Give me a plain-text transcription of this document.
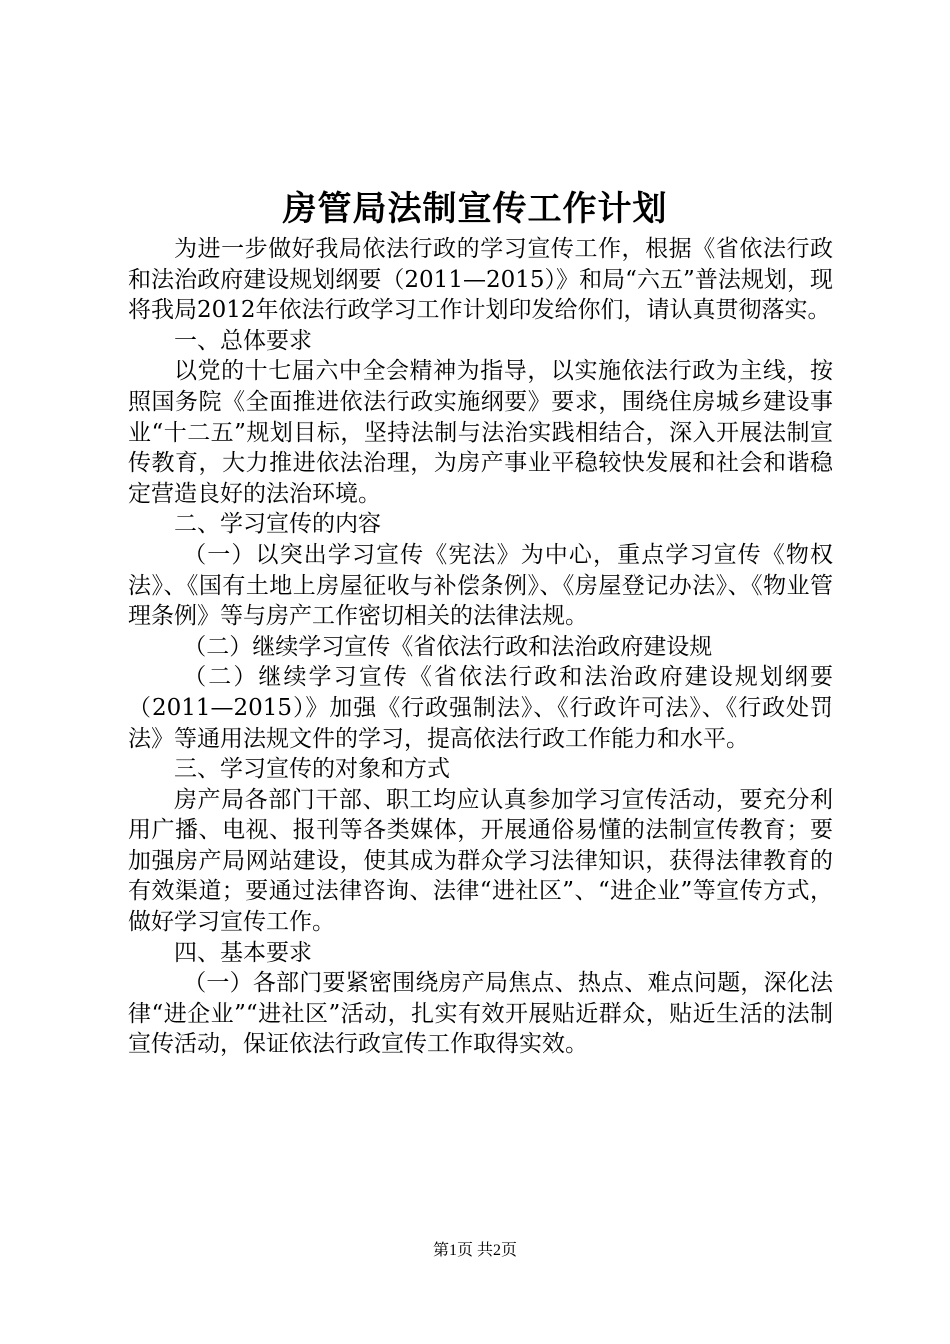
房管局法制宣传工作计划

为进一步做好我局依法行政的学习宣传工作，根据《省依法行政和法治政府建设规划纲要（2011—2015）》和局“六五”普法规划，现将我局2012年依法行政学习工作计划印发给你们，请认真贯彻落实。

一、总体要求

以党的十七届六中全会精神为指导，以实施依法行政为主线，按照国务院《全面推进依法行政实施纲要》要求，围绕住房城乡建设事业“十二五”规划目标，坚持法制与法治实践相结合，深入开展法制宣传教育，大力推进依法治理，为房产事业平稳较快发展和社会和谐稳定营造良好的法治环境。

二、学习宣传的内容

（一）以突出学习宣传《宪法》为中心，重点学习宣传《物权法》、《国有土地上房屋征收与补偿条例》、《房屋登记办法》、《物业管理条例》等与房产工作密切相关的法律法规。

（二）继续学习宣传《省依法行政和法治政府建设规

（二）继续学习宣传《省依法行政和法治政府建设规划纲要（2011—2015）》加强《行政强制法》、《行政许可法》、《行政处罚法》等通用法规文件的学习，提高依法行政工作能力和水平。

三、学习宣传的对象和方式

房产局各部门干部、职工均应认真参加学习宣传活动，要充分利用广播、电视、报刊等各类媒体，开展通俗易懂的法制宣传教育；要加强房产局网站建设，使其成为群众学习法律知识，获得法律教育的有效渠道；要通过法律咨询、法律“进社区”、“进企业”等宣传方式，做好学习宣传工作。

四、基本要求

（一）各部门要紧密围绕房产局焦点、热点、难点问题，深化法律“进企业”“进社区”活动，扎实有效开展贴近群众，贴近生活的法制宣传活动，保证依法行政宣传工作取得实效。

第1页 共2页
